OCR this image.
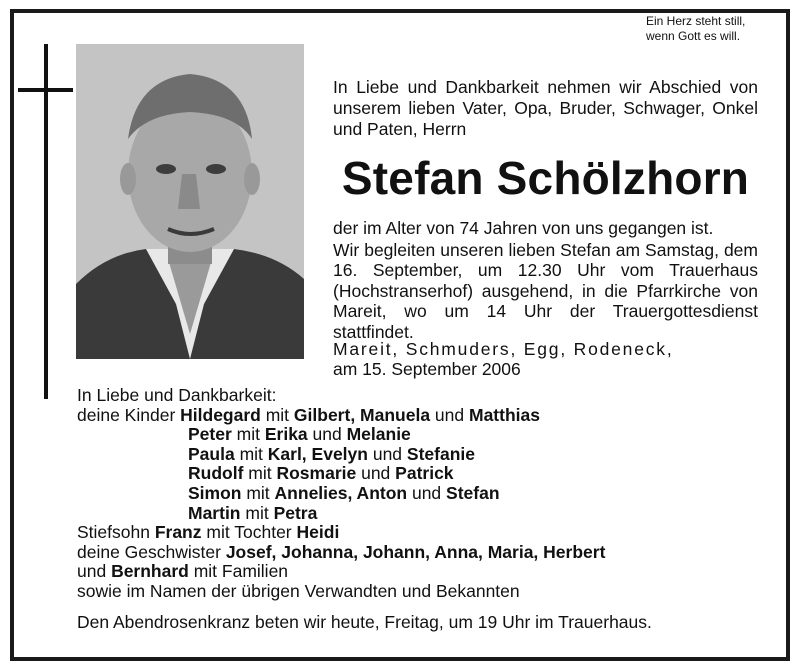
Ein Herz steht still,
wenn Gott es will.
In Liebe und Dankbarkeit nehmen wir Abschied von unserem lieben Vater, Opa, Bruder, Schwager, Onkel und Paten, Herrn
Stefan Schölzhorn

der im Alter von 74 Jahren von uns gegangen ist.

Wir begleiten unseren lieben Stefan am Samstag, dem 16. September, um 12.30 Uhr vom Trauerhaus (Hochstranserhof) ausgehend, in die Pfarrkirche von Mareit, wo um 14 Uhr der Trauergottesdienst stattfindet.

Mareit, Schmuders, Egg, Rodeneck,
am 15. September 2006
In Liebe und Dankbarkeit:
deine Kinder Hildegard mit Gilbert, Manuela und Matthias
Peter mit Erika und Melanie
Paula mit Karl, Evelyn und Stefanie
Rudolf mit Rosmarie und Patrick
Simon mit Annelies, Anton und Stefan
Martin mit Petra
Stiefsohn Franz mit Tochter Heidi
deine Geschwister Josef, Johanna, Johann, Anna, Maria, Herbert
und Bernhard mit Familien
sowie im Namen der übrigen Verwandten und Bekannten
Den Abendrosenkranz beten wir heute, Freitag, um 19 Uhr im Trauerhaus.
